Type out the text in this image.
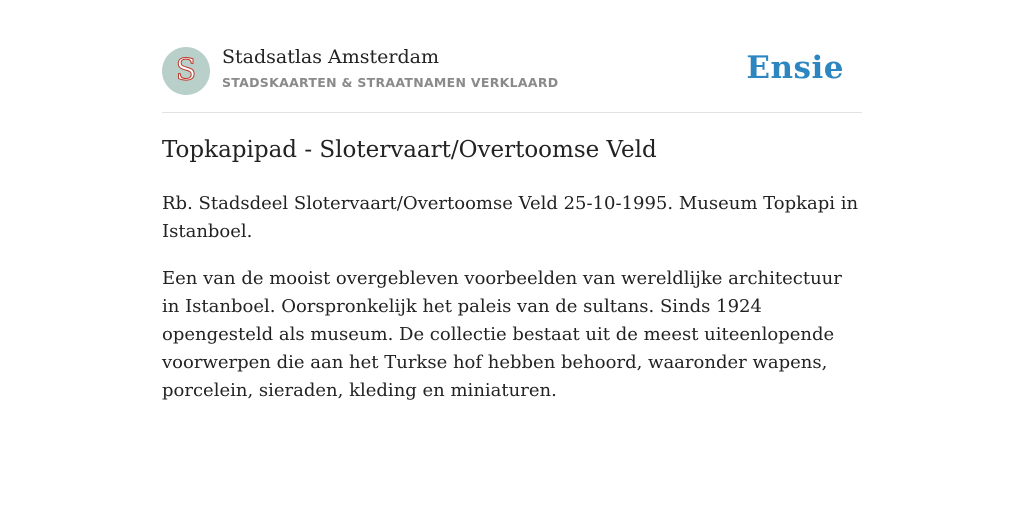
S	Stadsatlas Amsterdam
STADSKAARTEN & STRAATNAMEN VERKLAARD	Ensie
Topkapipad - Slotervaart/Overtoomse Veld

Rb. Stadsdeel Slotervaart/Overtoomse Veld 25-10-1995. Museum Topkapi in Istanboel.

Een van de mooist overgebleven voorbeelden van wereldlijke architectuur in Istanboel. Oorspronkelijk het paleis van de sultans. Sinds 1924 opengesteld als museum. De collectie bestaat uit de meest uiteenlopende voorwerpen die aan het Turkse hof hebben behoord, waaronder wapens, porcelein, sieraden, kleding en miniaturen.
